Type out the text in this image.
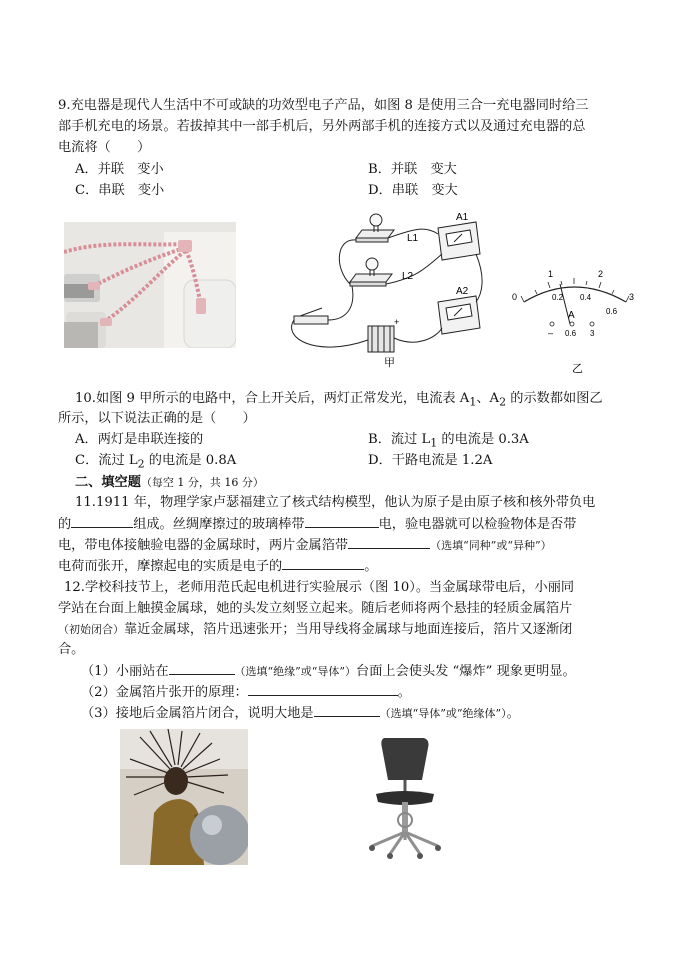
9.充电器是现代人生活中不可或缺的功效型电子产品，如图 8 是使用三合一充电器同时给三
部手机充电的场景。若拔掉其中一部手机后，另外两部手机的连接方式以及通过充电器的总
电流将（　　）
A．并联　变小	B．并联　变大
C．串联　变小	D．串联　变大
L1
L2
A1
A2
+
甲
0
1	2
3
0.2 0.4
0.6
A
– 0.6 3
乙
10.如图 9 甲所示的电路中，合上开关后，两灯正常发光，电流表 $A_1$、$A_2$ 的示数都如图乙
所示，以下说法正确的是（　　）
A．两灯是串联连接的	B．流过 $L_1$ 的电流是 0.3A
C．流过 $L_2$ 的电流是 0.8A	D．干路电流是 1.2A
二、填空题（每空 1 分，共 16 分）
11.1911 年，物理学家卢瑟福建立了核式结构模型，他认为原子是由原子核和核外带负电
的	组成。丝绸摩擦过的玻璃棒带	电，验电器就可以检验物体是否带
电，带电体接触验电器的金属球时，两片金属箔带	（选填“同种”或“异种”）
电荷而张开，摩擦起电的实质是电子的	。
12.学校科技节上，老师用范氏起电机进行实验展示（图 10）。当金属球带电后，小丽同
学站在台面上触摸金属球，她的头发立刻竖立起来。随后老师将两个悬挂的轻质金属箔片
（初始闭合）靠近金属球，箔片迅速张开；当用导线将金属球与地面连接后，箔片又逐渐闭
合。
（1）小丽站在	（选填“绝缘”或“导体”）台面上会使头发 “爆炸” 现象更明显。
（2）金属箔片张开的原理：	。
（3）接地后金属箔片闭合，说明大地是	（选填“导体”或“绝缘体”）。
